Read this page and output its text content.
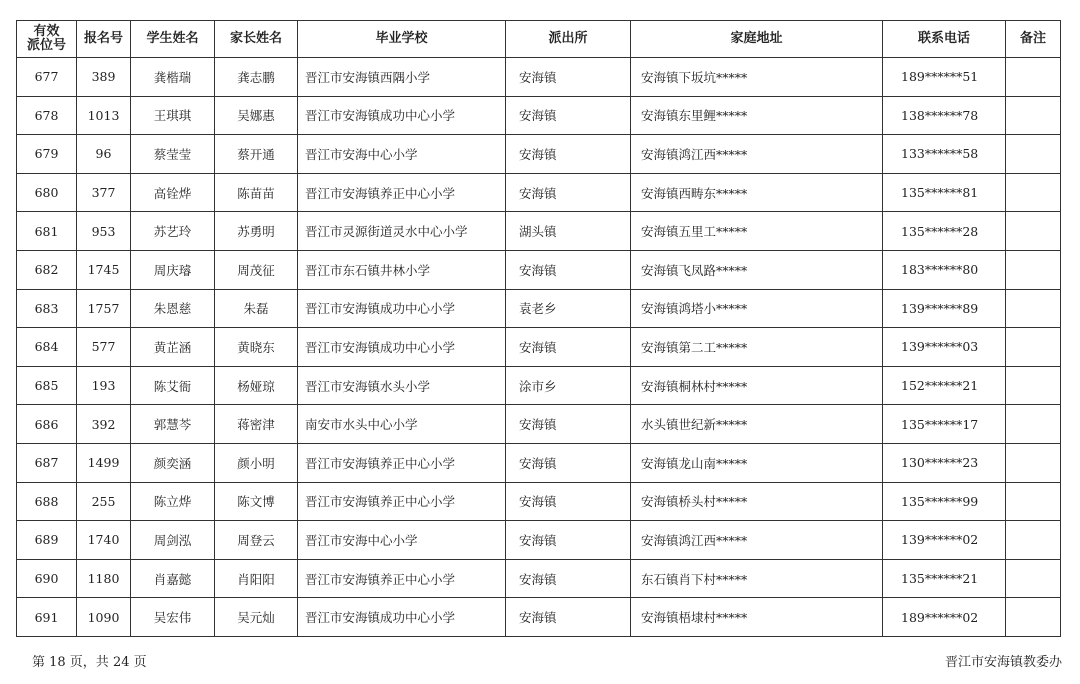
有效
派位号	报名号	学生姓名	家长姓名	毕业学校	派出所	家庭地址	联系电话	备注
677	389	龚楷瑞	龚志鹏	晋江市安海镇西隅小学	安海镇	安海镇下坂坑*****	189******51	
678	1013	王琪琪	吴娜惠	晋江市安海镇成功中心小学	安海镇	安海镇东里鲤*****	138******78	
679	96	蔡莹莹	蔡开通	晋江市安海中心小学	安海镇	安海镇鸿江西*****	133******58	
680	377	高铨烨	陈苗苗	晋江市安海镇养正中心小学	安海镇	安海镇西畴东*****	135******81	
681	953	苏艺玲	苏勇明	晋江市灵源街道灵水中心小学	湖头镇	安海镇五里工*****	135******28	
682	1745	周庆璿	周茂征	晋江市东石镇井林小学	安海镇	安海镇飞凤路*****	183******80	
683	1757	朱恩慈	朱磊	晋江市安海镇成功中心小学	袁老乡	安海镇鸿塔小*****	139******89	
684	577	黄芷涵	黄晓东	晋江市安海镇成功中心小学	安海镇	安海镇第二工*****	139******03	
685	193	陈艾衙	杨娅琼	晋江市安海镇水头小学	涂市乡	安海镇桐林村*****	152******21	
686	392	郭慧芩	蒋密津	南安市水头中心小学	安海镇	水头镇世纪新*****	135******17	
687	1499	颜奕涵	颜小明	晋江市安海镇养正中心小学	安海镇	安海镇龙山南*****	130******23	
688	255	陈立烨	陈文博	晋江市安海镇养正中心小学	安海镇	安海镇桥头村*****	135******99	
689	1740	周剑泓	周登云	晋江市安海中心小学	安海镇	安海镇鸿江西*****	139******02	
690	1180	肖嘉懿	肖阳阳	晋江市安海镇养正中心小学	安海镇	东石镇肖下村*****	135******21	
691	1090	吴宏伟	吴元灿	晋江市安海镇成功中心小学	安海镇	安海镇梧埭村*****	189******02	
第 18 页，共 24 页	晋江市安海镇教委办
